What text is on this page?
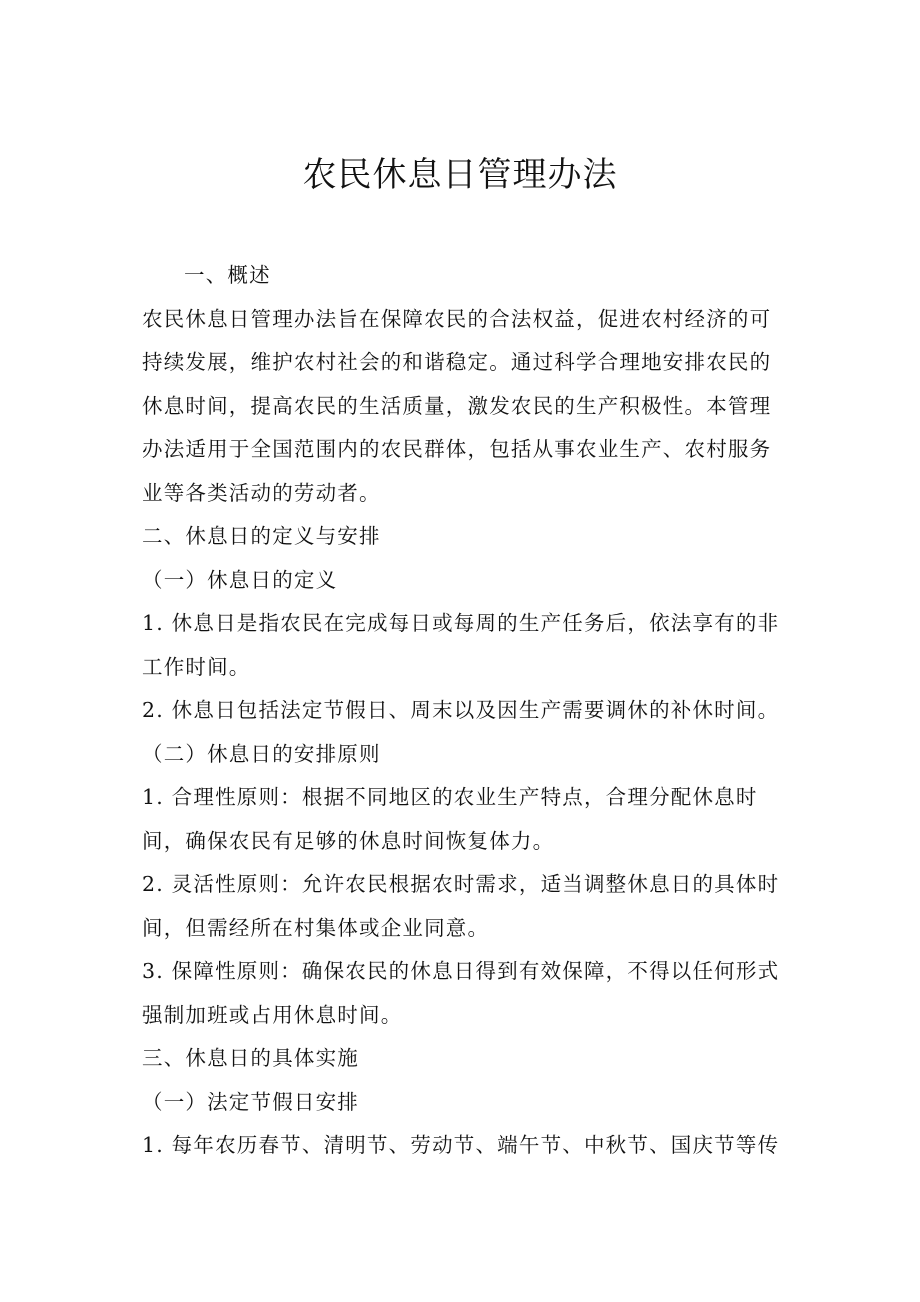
农民休息日管理办法
一、概述
农民休息日管理办法旨在保障农民的合法权益，促进农村经济的可
持续发展，维护农村社会的和谐稳定。通过科学合理地安排农民的
休息时间，提高农民的生活质量，激发农民的生产积极性。本管理
办法适用于全国范围内的农民群体，包括从事农业生产、农村服务
业等各类活动的劳动者。
二、休息日的定义与安排
（一）休息日的定义
1. 休息日是指农民在完成每日或每周的生产任务后，依法享有的非
工作时间。
2. 休息日包括法定节假日、周末以及因生产需要调休的补休时间。
（二）休息日的安排原则
1. 合理性原则：根据不同地区的农业生产特点，合理分配休息时
间，确保农民有足够的休息时间恢复体力。
2. 灵活性原则：允许农民根据农时需求，适当调整休息日的具体时
间，但需经所在村集体或企业同意。
3. 保障性原则：确保农民的休息日得到有效保障，不得以任何形式
强制加班或占用休息时间。
三、休息日的具体实施
（一）法定节假日安排
1. 每年农历春节、清明节、劳动节、端午节、中秋节、国庆节等传
